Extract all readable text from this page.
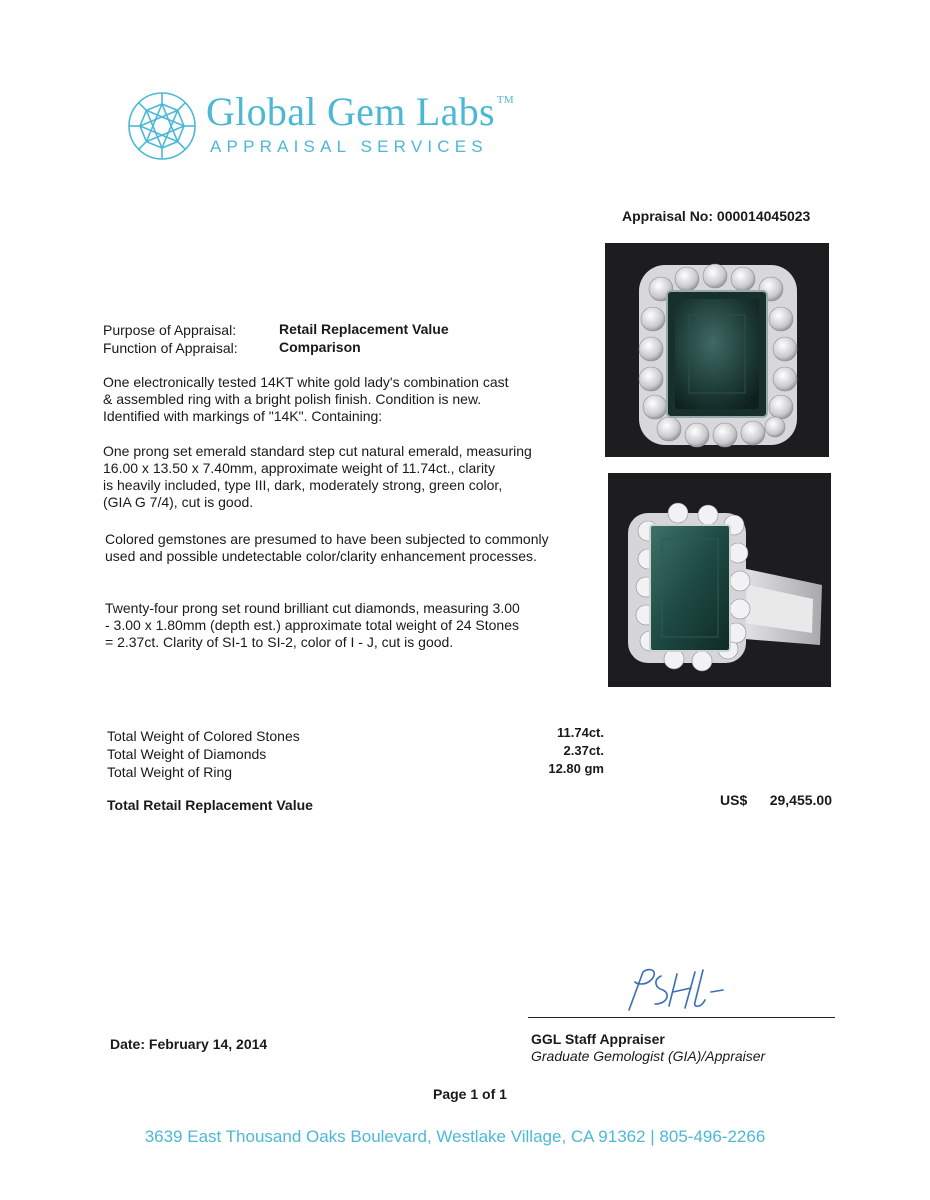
Global Gem Labs ™
APPRAISAL SERVICES
Appraisal No: 000014045023
Purpose of Appraisal:	Retail Replacement Value
Function of Appraisal:	Comparison
One electronically tested 14KT white gold lady's combination cast
& assembled ring with a bright polish finish. Condition is new.
Identified with markings of "14K". Containing:
One prong set emerald standard step cut natural emerald, measuring
16.00 x 13.50 x 7.40mm, approximate weight of 11.74ct., clarity
is heavily included, type III, dark, moderately strong, green color,
(GIA G 7/4), cut is good.
Colored gemstones are presumed to have been subjected to commonly
used and possible undetectable color/clarity enhancement processes.
Twenty-four prong set round brilliant cut diamonds, measuring 3.00
- 3.00 x 1.80mm (depth est.) approximate total weight of 24 Stones
= 2.37ct. Clarity of SI-1 to SI-2, color of I - J, cut is good.
Total Weight of Colored Stones	11.74ct.
Total Weight of Diamonds	2.37ct.
Total Weight of Ring	12.80 gm
Total Retail Replacement Value	US$	29,455.00
Date: February 14, 2014	GGL Staff Appraiser
Graduate Gemologist (GIA)/Appraiser
Page 1 of 1
3639 East Thousand Oaks Boulevard, Westlake Village, CA 91362 | 805-496-2266
